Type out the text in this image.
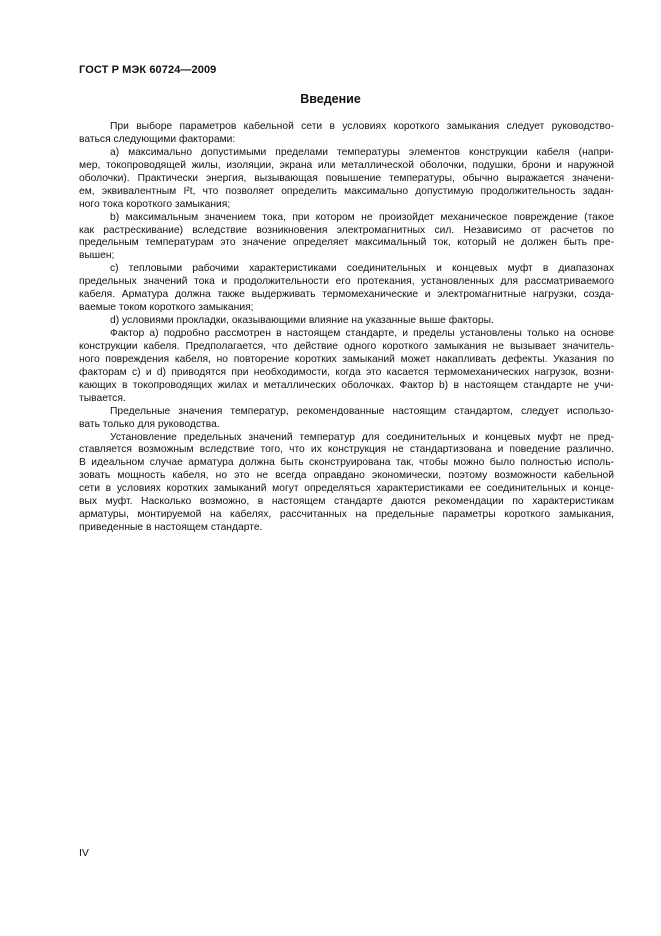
ГОСТ Р МЭК 60724—2009
Введение
При выборе параметров кабельной сети в условиях короткого замыкания следует руководство-
ваться следующими факторами:
a) максимально допустимыми пределами температуры элементов конструкции кабеля (напри-
мер, токопроводящей жилы, изоляции, экрана или металлической оболочки, подушки, брони и наружной
оболочки). Практически энергия, вызывающая повышение температуры, обычно выражается значени-
ем, эквивалентным I²t, что позволяет определить максимально допустимую продолжительность задан-
ного тока короткого замыкания;
b) максимальным значением тока, при котором не произойдет механическое повреждение (такое
как растрескивание) вследствие возникновения электромагнитных сил. Независимо от расчетов по
предельным температурам это значение определяет максимальный ток, который не должен быть пре-
вышен;
c) тепловыми рабочими характеристиками соединительных и концевых муфт в диапазонах
предельных значений тока и продолжительности его протекания, установленных для рассматриваемого
кабеля. Арматура должна также выдерживать термомеханические и электромагнитные нагрузки, созда-
ваемые током короткого замыкания;
d) условиями прокладки, оказывающими влияние на указанные выше факторы.
Фактор a) подробно рассмотрен в настоящем стандарте, и пределы установлены только на основе
конструкции кабеля. Предполагается, что действие одного короткого замыкания не вызывает значитель-
ного повреждения кабеля, но повторение коротких замыканий может накапливать дефекты. Указания по
факторам c) и d) приводятся при необходимости, когда это касается термомеханических нагрузок, возни-
кающих в токопроводящих жилах и металлических оболочках. Фактор b) в настоящем стандарте не учи-
тывается.
Предельные значения температур, рекомендованные настоящим стандартом, следует использо-
вать только для руководства.
Установление предельных значений температур для соединительных и концевых муфт не пред-
ставляется возможным вследствие того, что их конструкция не стандартизована и поведение различно.
В идеальном случае арматура должна быть сконструирована так, чтобы можно было полностью исполь-
зовать мощность кабеля, но это не всегда оправдано экономически, поэтому возможности кабельной
сети в условиях коротких замыканий могут определяться характеристиками ее соединительных и конце-
вых муфт. Насколько возможно, в настоящем стандарте даются рекомендации по характеристикам
арматуры, монтируемой на кабелях, рассчитанных на предельные параметры короткого замыкания,
приведенные в настоящем стандарте.
IV
